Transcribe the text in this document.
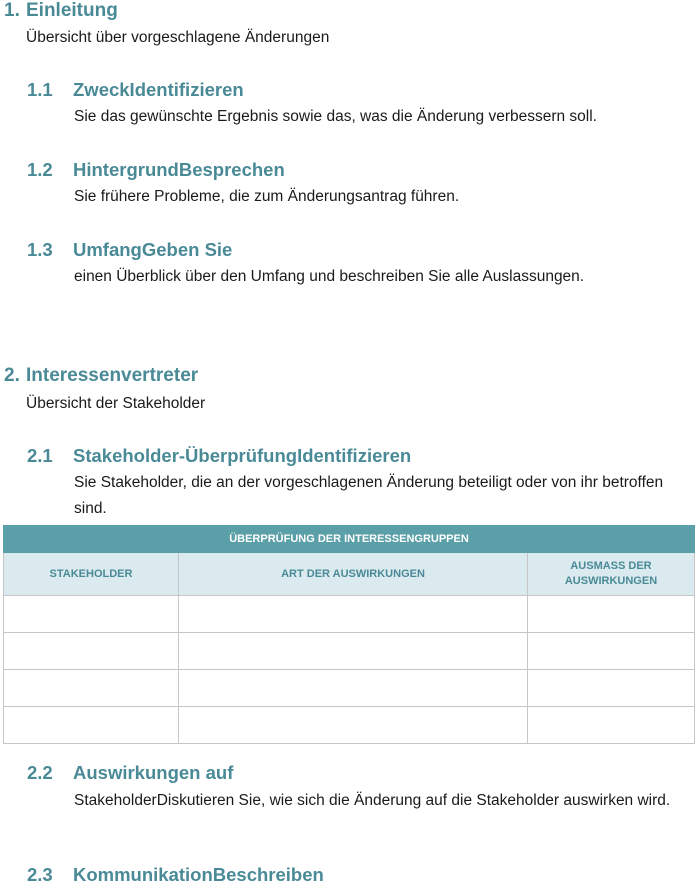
1. Einleitung
Übersicht über vorgeschlagene Änderungen
1.1 ZweckIdentifizieren
Sie das gewünschte Ergebnis sowie das, was die Änderung verbessern soll.
1.2 HintergrundBesprechen
Sie frühere Probleme, die zum Änderungsantrag führen.
1.3 UmfangGeben Sie
einen Überblick über den Umfang und beschreiben Sie alle Auslassungen.
2. Interessenvertreter
Übersicht der Stakeholder
2.1 Stakeholder-ÜberprüfungIdentifizieren
Sie Stakeholder, die an der vorgeschlagenen Änderung beteiligt oder von ihr betroffen sind.
ÜBERPRÜFUNG DER INTERESSENGRUPPEN		
STAKEHOLDER	ART DER AUSWIRKUNGEN	AUSMASS DER AUSWIRKUNGEN

2.2 Auswirkungen auf
StakeholderDiskutieren Sie, wie sich die Änderung auf die Stakeholder auswirken wird.
2.3 KommunikationBeschreiben
